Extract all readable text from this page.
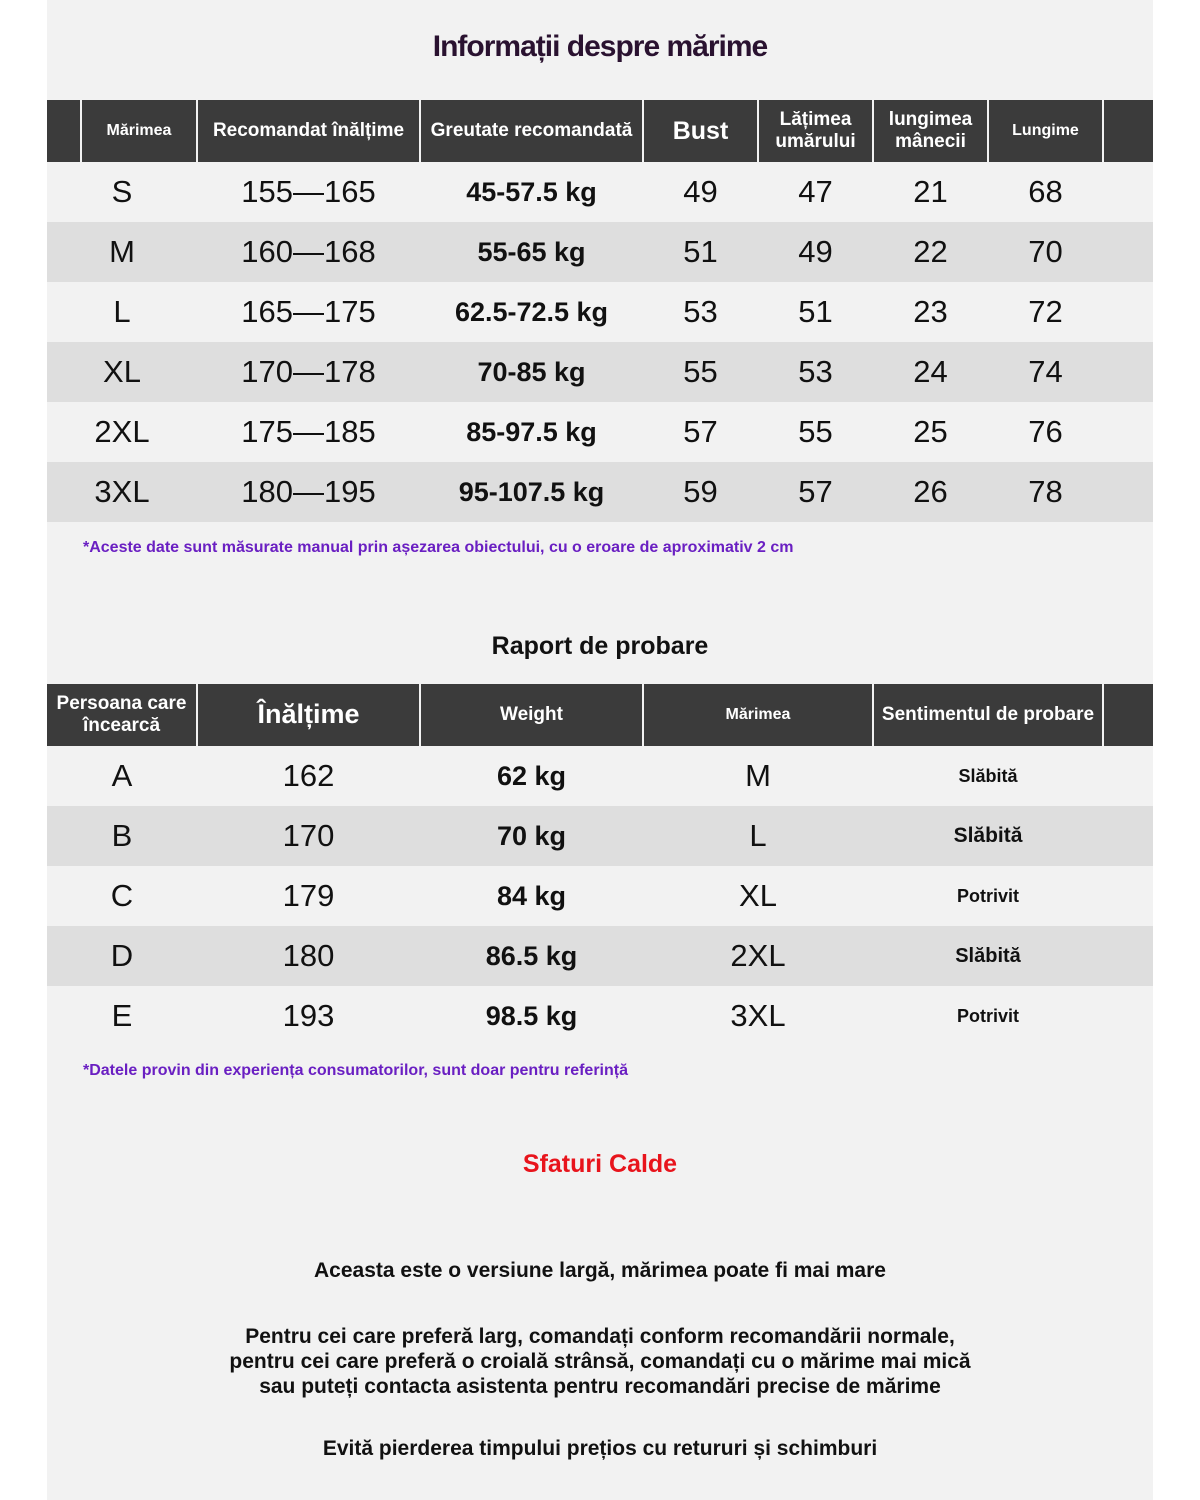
Informații despre mărime
	Mărimea	Recomandat înălțime	Greutate recomandată	Bust	Lățimea umărului	lungimea mânecii	Lungime	
S		155—165	45-57.5 kg	49	47	21	68	
M		160—168	55-65 kg	51	49	22	70	
L		165—175	62.5-72.5 kg	53	51	23	72	
XL		170—178	70-85 kg	55	53	24	74	
2XL		175—185	85-97.5 kg	57	55	25	76	
3XL		180—195	95-107.5 kg	59	57	26	78	
*Aceste date sunt măsurate manual prin așezarea obiectului, cu o eroare de aproximativ 2 cm
Raport de probare
Persoana care încearcă	Înălțime	Weight	Mărimea	Sentimentul de probare	
A	162	62 kg	M	Slăbită	
B	170	70 kg	L	Slăbită	
C	179	84 kg	XL	Potrivit	
D	180	86.5 kg	2XL	Slăbită	
E	193	98.5 kg	3XL	Potrivit	
*Datele provin din experiența consumatorilor, sunt doar pentru referință
Sfaturi Calde
Aceasta este o versiune largă, mărimea poate fi mai mare
Pentru cei care preferă larg, comandați conform recomandării normale,
pentru cei care preferă o croială strânsă, comandați cu o mărime mai mică
sau puteți contacta asistenta pentru recomandări precise de mărime
Evită pierderea timpului prețios cu retururi și schimburi
